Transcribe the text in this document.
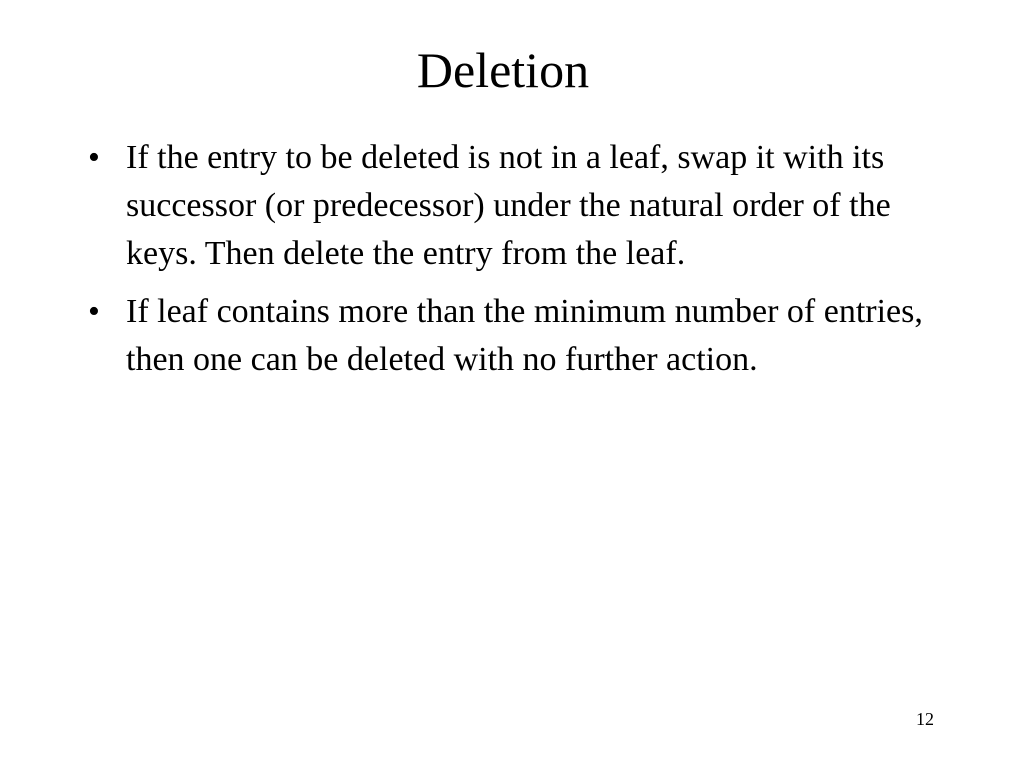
Deletion
• If the entry to be deleted is not in a leaf, swap it with its successor (or predecessor) under the natural order of the keys. Then delete the entry from the leaf.
• If leaf contains more than the minimum number of entries, then one can be deleted with no further action.
12
